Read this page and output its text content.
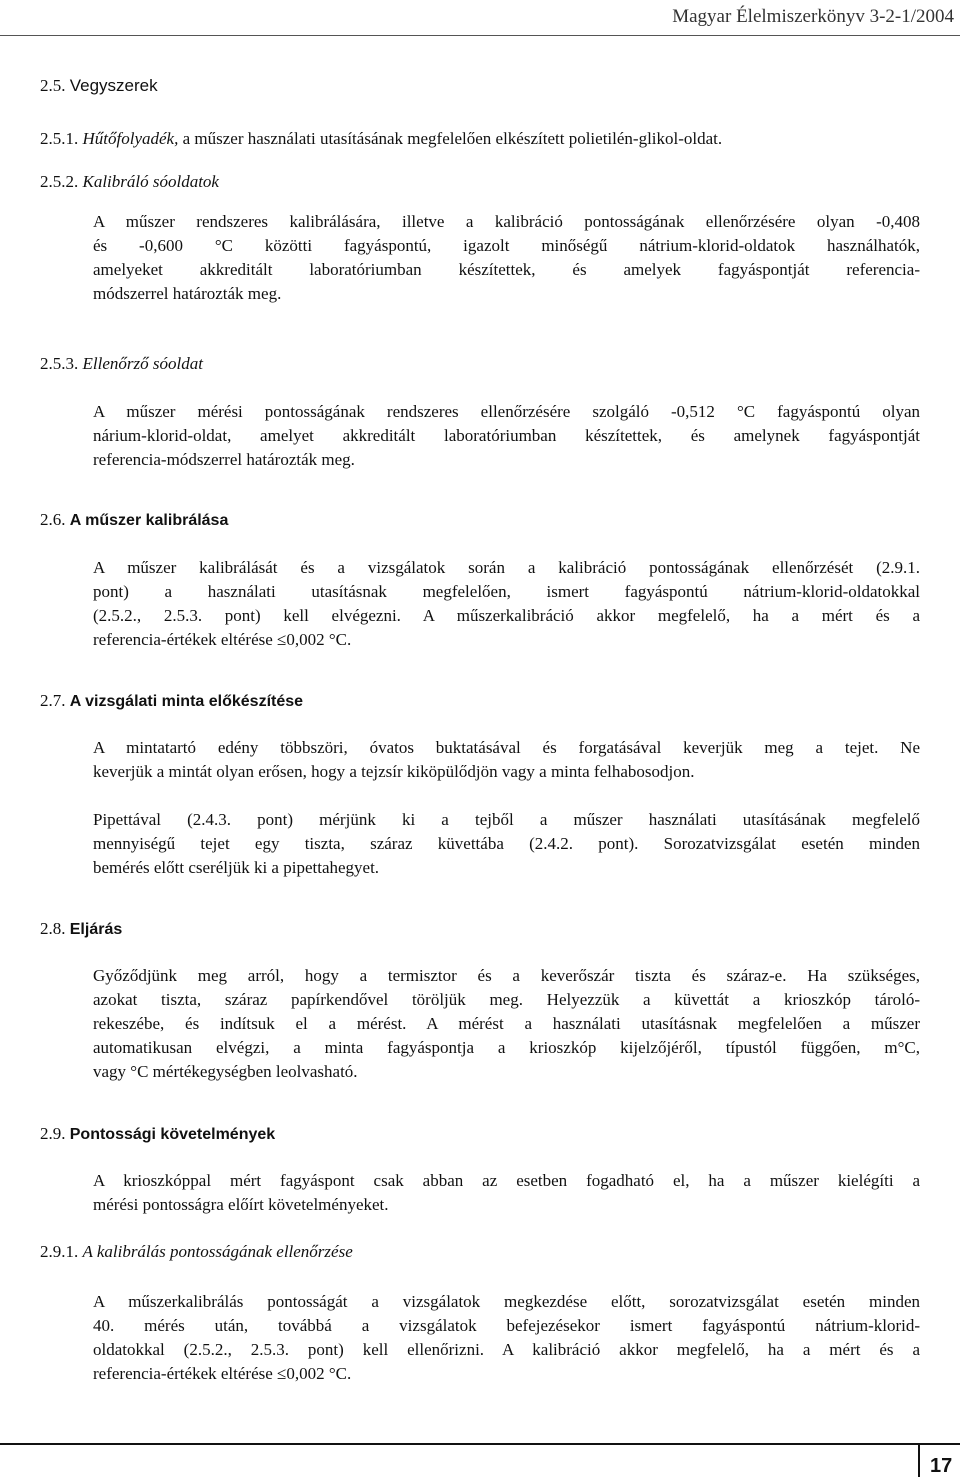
Magyar Élelmiszerkönyv 3-2-1/2004
2.5. Vegyszerek
2.5.1. Hűtőfolyadék, a műszer használati utasításának megfelelően elkészített polietilén-glikol-oldat.
2.5.2. Kalibráló sóoldatok
A műszer rendszeres kalibrálására, illetve a kalibráció pontosságának ellenőrzésére olyan -0,408
és -0,600 °C közötti fagyáspontú, igazolt minőségű nátrium-klorid-oldatok használhatók,
amelyeket akkreditált laboratóriumban készítettek, és amelyek fagyáspontját referencia-
módszerrel határozták meg.
2.5.3. Ellenőrző sóoldat
A műszer mérési pontosságának rendszeres ellenőrzésére szolgáló -0,512 °C fagyáspontú olyan
nárium-klorid-oldat, amelyet akkreditált laboratóriumban készítettek, és amelynek fagyáspontját
referencia-módszerrel határozták meg.
2.6. A műszer kalibrálása
A műszer kalibrálását és a vizsgálatok során a kalibráció pontosságának ellenőrzését (2.9.1.
pont) a használati utasításnak megfelelően, ismert fagyáspontú nátrium-klorid-oldatokkal
(2.5.2., 2.5.3. pont) kell elvégezni. A műszerkalibráció akkor megfelelő, ha a mért és a
referencia-értékek eltérése ≤0,002 °C.
2.7. A vizsgálati minta előkészítése
A mintatartó edény többszöri, óvatos buktatásával és forgatásával keverjük meg a tejet. Ne
keverjük a mintát olyan erősen, hogy a tejzsír kiköpülődjön vagy a minta felhabosodjon.
Pipettával (2.4.3. pont) mérjünk ki a tejből a műszer használati utasításának megfelelő
mennyiségű tejet egy tiszta, száraz küvettába (2.4.2. pont). Sorozatvizsgálat esetén minden
bemérés előtt cseréljük ki a pipettahegyet.
2.8. Eljárás
Győződjünk meg arról, hogy a termisztor és a keverőszár tiszta és száraz-e. Ha szükséges,
azokat tiszta, száraz papírkendővel töröljük meg. Helyezzük a küvettát a krioszkóp tároló-
rekeszébe, és indítsuk el a mérést. A mérést a használati utasításnak megfelelően a műszer
automatikusan elvégzi, a minta fagyáspontja a krioszkóp kijelzőjéről, típustól függően, m°C,
vagy °C mértékegységben leolvasható.
2.9. Pontossági követelmények
A krioszkóppal mért fagyáspont csak abban az esetben fogadható el, ha a műszer kielégíti a
mérési pontosságra előírt követelményeket.
2.9.1. A kalibrálás pontosságának ellenőrzése
A műszerkalibrálás pontosságát a vizsgálatok megkezdése előtt, sorozatvizsgálat esetén minden
40. mérés után, továbbá a vizsgálatok befejezésekor ismert fagyáspontú nátrium-klorid-
oldatokkal (2.5.2., 2.5.3. pont) kell ellenőrizni. A kalibráció akkor megfelelő, ha a mért és a
referencia-értékek eltérése ≤0,002 °C.
17
